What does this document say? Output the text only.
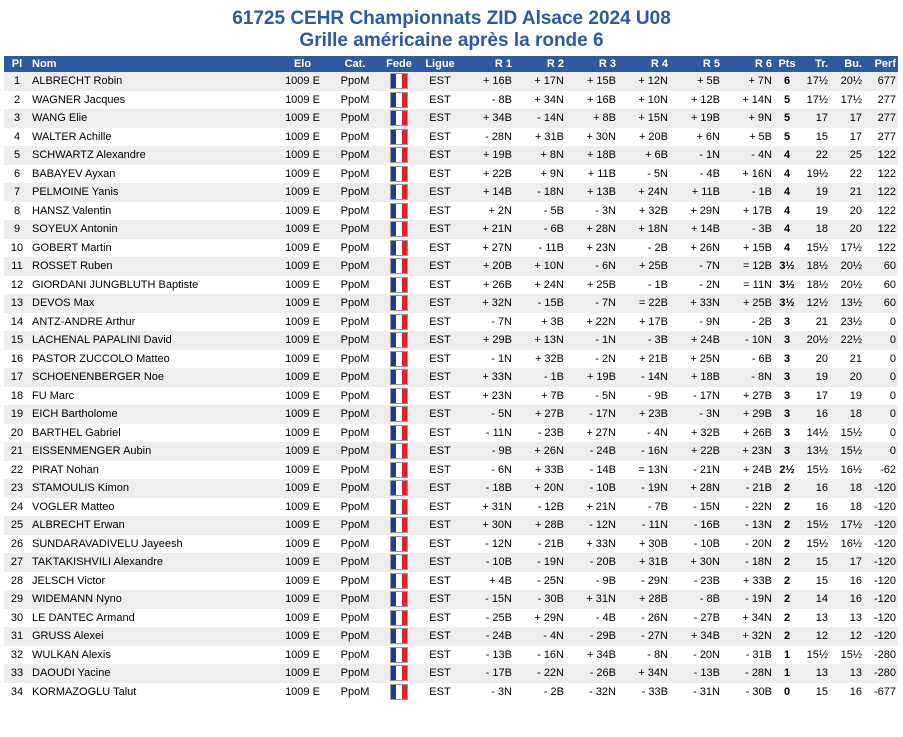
61725 CEHR Championnats ZID Alsace 2024 U08
Grille américaine après la ronde 6
Pl	Nom	Elo	Cat.	Fede	Ligue	R 1	R 2	R 3	R 4	R 5	R 6	Pts	Tr.	Bu.	Perf
1	ALBRECHT Robin	1009 E	PpoM		EST	+ 16B	+ 17N	+ 15B	+ 12N	+ 5B	+ 7N	6	17½	20½	677
2	WAGNER Jacques	1009 E	PpoM		EST	- 8B	+ 34N	+ 16B	+ 10N	+ 12B	+ 14N	5	17½	17½	277
3	WANG Elie	1009 E	PpoM		EST	+ 34B	- 14N	+ 8B	+ 15N	+ 19B	+ 9N	5	17	17	277
4	WALTER Achille	1009 E	PpoM		EST	- 28N	+ 31B	+ 30N	+ 20B	+ 6N	+ 5B	5	15	17	277
5	SCHWARTZ Alexandre	1009 E	PpoM		EST	+ 19B	+ 8N	+ 18B	+ 6B	- 1N	- 4N	4	22	25	122
6	BABAYEV Ayxan	1009 E	PpoM		EST	+ 22B	+ 9N	+ 11B	- 5N	- 4B	+ 16N	4	19½	22	122
7	PELMOINE Yanis	1009 E	PpoM		EST	+ 14B	- 18N	+ 13B	+ 24N	+ 11B	- 1B	4	19	21	122
8	HANSZ Valentin	1009 E	PpoM		EST	+ 2N	- 5B	- 3N	+ 32B	+ 29N	+ 17B	4	19	20	122
9	SOYEUX Antonin	1009 E	PpoM		EST	+ 21N	- 6B	+ 28N	+ 18N	+ 14B	- 3B	4	18	20	122
10	GOBERT Martin	1009 E	PpoM		EST	+ 27N	- 11B	+ 23N	- 2B	+ 26N	+ 15B	4	15½	17½	122
11	ROSSET Ruben	1009 E	PpoM		EST	+ 20B	+ 10N	- 6N	+ 25B	- 7N	= 12B	3½	18½	20½	60
12	GIORDANI JUNGBLUTH Baptiste	1009 E	PpoM		EST	+ 26B	+ 24N	+ 25B	- 1B	- 2N	= 11N	3½	18½	20½	60
13	DEVOS Max	1009 E	PpoM		EST	+ 32N	- 15B	- 7N	= 22B	+ 33N	+ 25B	3½	12½	13½	60
14	ANTZ-ANDRE Arthur	1009 E	PpoM		EST	- 7N	+ 3B	+ 22N	+ 17B	- 9N	- 2B	3	21	23½	0
15	LACHENAL PAPALINI David	1009 E	PpoM		EST	+ 29B	+ 13N	- 1N	- 3B	+ 24B	- 10N	3	20½	22½	0
16	PASTOR ZUCCOLO Matteo	1009 E	PpoM		EST	- 1N	+ 32B	- 2N	+ 21B	+ 25N	- 6B	3	20	21	0
17	SCHOENENBERGER Noe	1009 E	PpoM		EST	+ 33N	- 1B	+ 19B	- 14N	+ 18B	- 8N	3	19	20	0
18	FU Marc	1009 E	PpoM		EST	+ 23N	+ 7B	- 5N	- 9B	- 17N	+ 27B	3	17	19	0
19	EICH Bartholome	1009 E	PpoM		EST	- 5N	+ 27B	- 17N	+ 23B	- 3N	+ 29B	3	16	18	0
20	BARTHEL Gabriel	1009 E	PpoM		EST	- 11N	- 23B	+ 27N	- 4N	+ 32B	+ 26B	3	14½	15½	0
21	EISSENMENGER Aubin	1009 E	PpoM		EST	- 9B	+ 26N	- 24B	- 16N	+ 22B	+ 23N	3	13½	15½	0
22	PIRAT Nohan	1009 E	PpoM		EST	- 6N	+ 33B	- 14B	= 13N	- 21N	+ 24B	2½	15½	16½	-62
23	STAMOULIS Kimon	1009 E	PpoM		EST	- 18B	+ 20N	- 10B	- 19N	+ 28N	- 21B	2	16	18	-120
24	VOGLER Matteo	1009 E	PpoM		EST	+ 31N	- 12B	+ 21N	- 7B	- 15N	- 22N	2	16	18	-120
25	ALBRECHT Erwan	1009 E	PpoM		EST	+ 30N	+ 28B	- 12N	- 11N	- 16B	- 13N	2	15½	17½	-120
26	SUNDARAVADIVELU Jayeesh	1009 E	PpoM		EST	- 12N	- 21B	+ 33N	+ 30B	- 10B	- 20N	2	15½	16½	-120
27	TAKTAKISHVILI Alexandre	1009 E	PpoM		EST	- 10B	- 19N	- 20B	+ 31B	+ 30N	- 18N	2	15	17	-120
28	JELSCH Victor	1009 E	PpoM		EST	+ 4B	- 25N	- 9B	- 29N	- 23B	+ 33B	2	15	16	-120
29	WIDEMANN Nyno	1009 E	PpoM		EST	- 15N	- 30B	+ 31N	+ 28B	- 8B	- 19N	2	14	16	-120
30	LE DANTEC Armand	1009 E	PpoM		EST	- 25B	+ 29N	- 4B	- 26N	- 27B	+ 34N	2	13	13	-120
31	GRUSS Alexei	1009 E	PpoM		EST	- 24B	- 4N	- 29B	- 27N	+ 34B	+ 32N	2	12	12	-120
32	WULKAN Alexis	1009 E	PpoM		EST	- 13B	- 16N	+ 34B	- 8N	- 20N	- 31B	1	15½	15½	-280
33	DAOUDI Yacine	1009 E	PpoM		EST	- 17B	- 22N	- 26B	+ 34N	- 13B	- 28N	1	13	13	-280
34	KORMAZOGLU Talut	1009 E	PpoM		EST	- 3N	- 2B	- 32N	- 33B	- 31N	- 30B	0	15	16	-677
